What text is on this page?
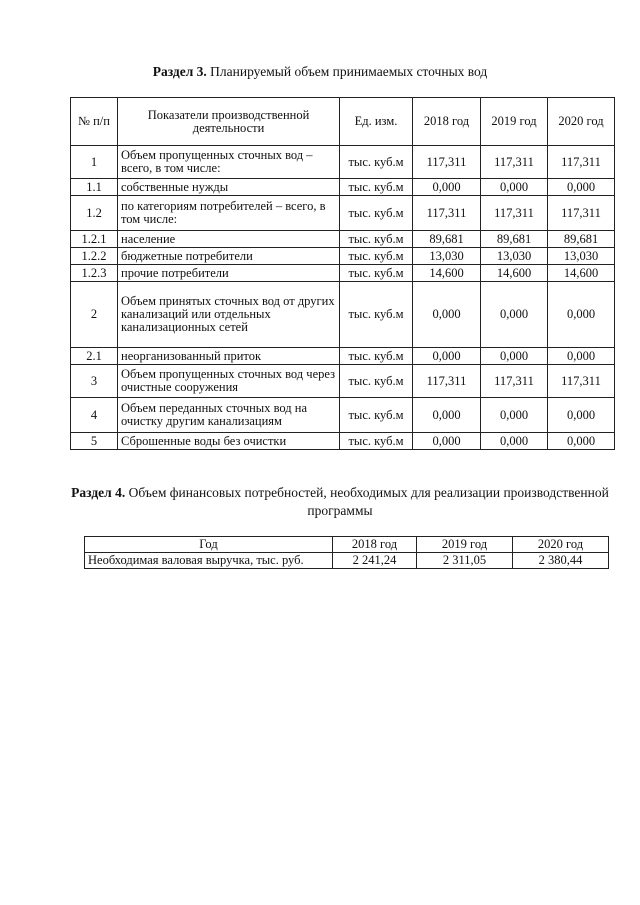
Раздел 3. Планируемый объем принимаемых сточных вод
№ п/п	Показатели производственной деятельности	Ед. изм.	2018 год	2019 год	2020 год
1	Объем пропущенных сточных вод – всего, в том числе:	тыс. куб.м	117,311	117,311	117,311
1.1	собственные нужды	тыс. куб.м	0,000	0,000	0,000
1.2	по категориям потребителей – всего, в том числе:	тыс. куб.м	117,311	117,311	117,311
1.2.1	население	тыс. куб.м	89,681	89,681	89,681
1.2.2	бюджетные потребители	тыс. куб.м	13,030	13,030	13,030
1.2.3	прочие потребители	тыс. куб.м	14,600	14,600	14,600
2	Объем принятых сточных вод от других канализаций или отдельных канализационных сетей	тыс. куб.м	0,000	0,000	0,000
2.1	неорганизованный приток	тыс. куб.м	0,000	0,000	0,000
3	Объем пропущенных сточных вод через очистные сооружения	тыс. куб.м	117,311	117,311	117,311
4	Объем переданных сточных вод на очистку другим канализациям	тыс. куб.м	0,000	0,000	0,000
5	Сброшенные воды без очистки	тыс. куб.м	0,000	0,000	0,000
Раздел 4. Объем финансовых потребностей, необходимых для реализации производственной программы
Год	2018 год	2019 год	2020 год
Необходимая валовая выручка, тыс. руб.	2 241,24	2 311,05	2 380,44
